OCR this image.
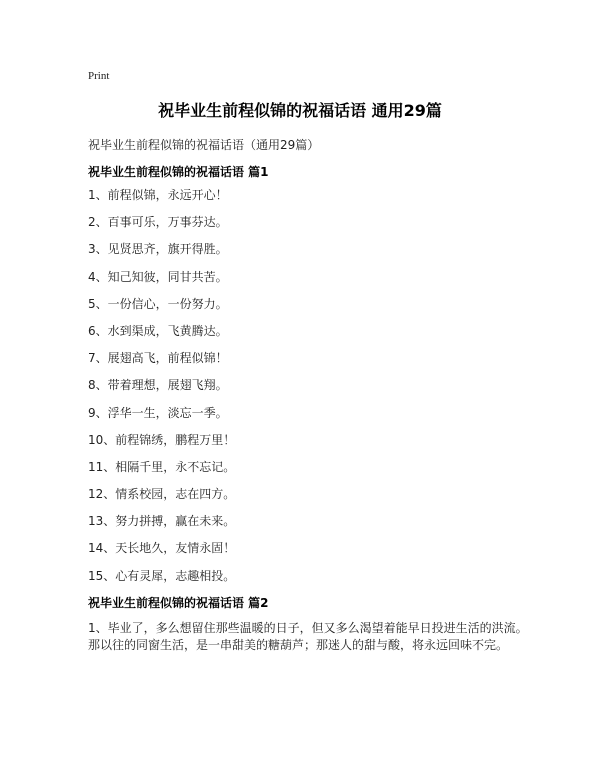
Print
祝毕业生前程似锦的祝福话语 通用29篇
祝毕业生前程似锦的祝福话语（通用29篇）
祝毕业生前程似锦的祝福话语 篇1
1、前程似锦，永远开心！
2、百事可乐，万事芬达。
3、见贤思齐，旗开得胜。
4、知己知彼，同甘共苦。
5、一份信心，一份努力。
6、水到渠成，飞黄腾达。
7、展翅高飞，前程似锦！
8、带着理想，展翅飞翔。
9、浮华一生，淡忘一季。
10、前程锦绣，鹏程万里！
11、相隔千里，永不忘记。
12、情系校园，志在四方。
13、努力拼搏，赢在未来。
14、天长地久，友情永固！
15、心有灵犀，志趣相投。
祝毕业生前程似锦的祝福话语 篇2

1、毕业了，多么想留住那些温暖的日子，但又多么渴望着能早日投进生活的洪流。那以往的同窗生活，是一串甜美的糖葫芦；那迷人的甜与酸，将永远回味不完。
